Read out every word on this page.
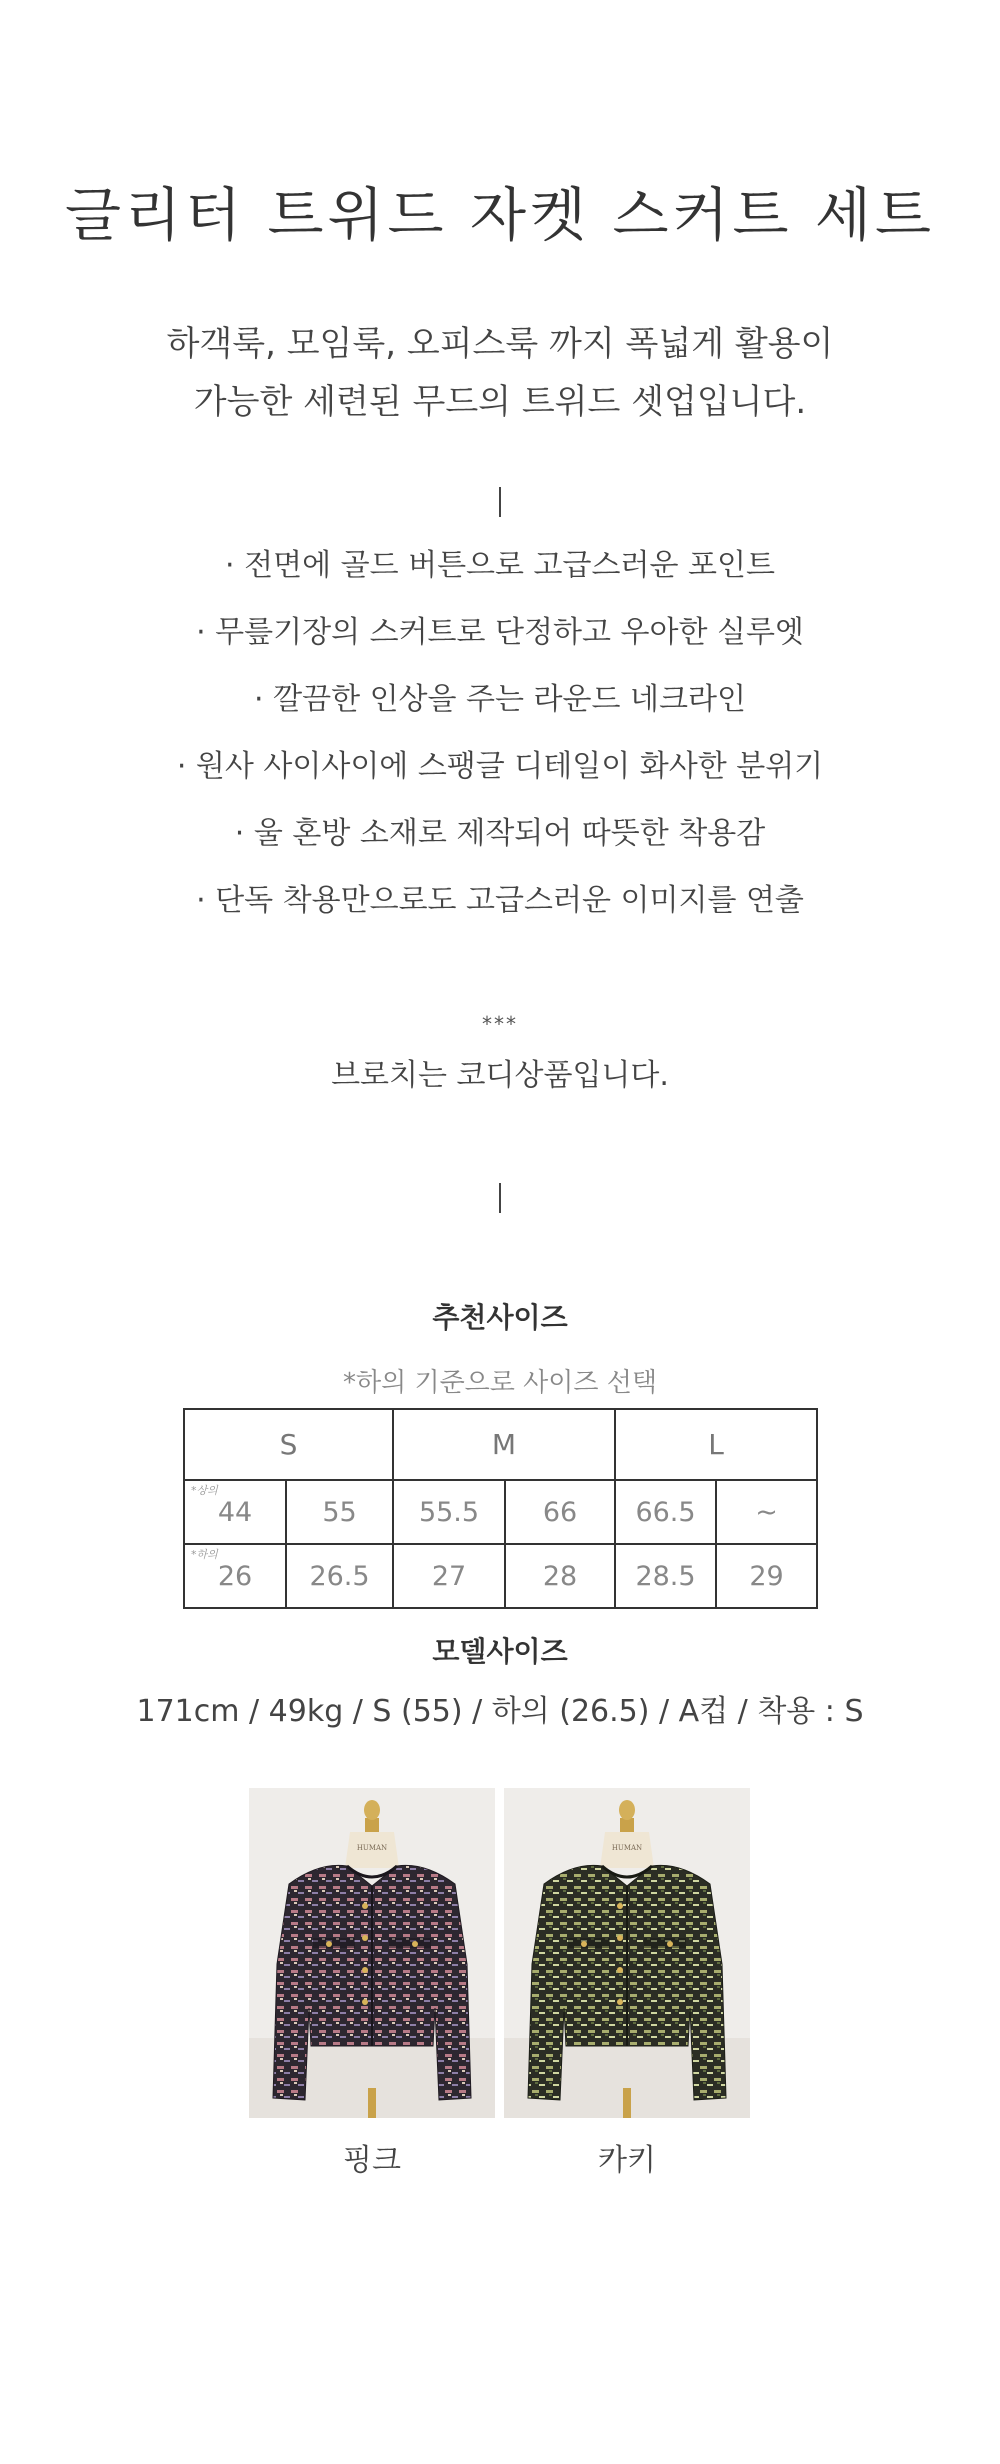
글리터 트위드 자켓 스커트 세트
하객룩, 모임룩, 오피스룩 까지 폭넓게 활용이
가능한 세련된 무드의 트위드 셋업입니다.
· 전면에 골드 버튼으로 고급스러운 포인트
· 무릎기장의 스커트로 단정하고 우아한 실루엣
· 깔끔한 인상을 주는 라운드 네크라인
· 원사 사이사이에 스팽글 디테일이 화사한 분위기
· 울 혼방 소재로 제작되어 따뜻한 착용감
· 단독 착용만으로도 고급스러운 이미지를 연출
***
브로치는 코디상품입니다.
추천사이즈
*하의 기준으로 사이즈 선택
S		M		L	

*상의
44	55	55.5	66	66.5	~

*하의
26	26.5	27	28	28.5	29
모델사이즈
171cm / 49kg / S (55) / 하의 (26.5) / A컵 / 착용 : S
HUMAN	HUMAN
핑크	카키
